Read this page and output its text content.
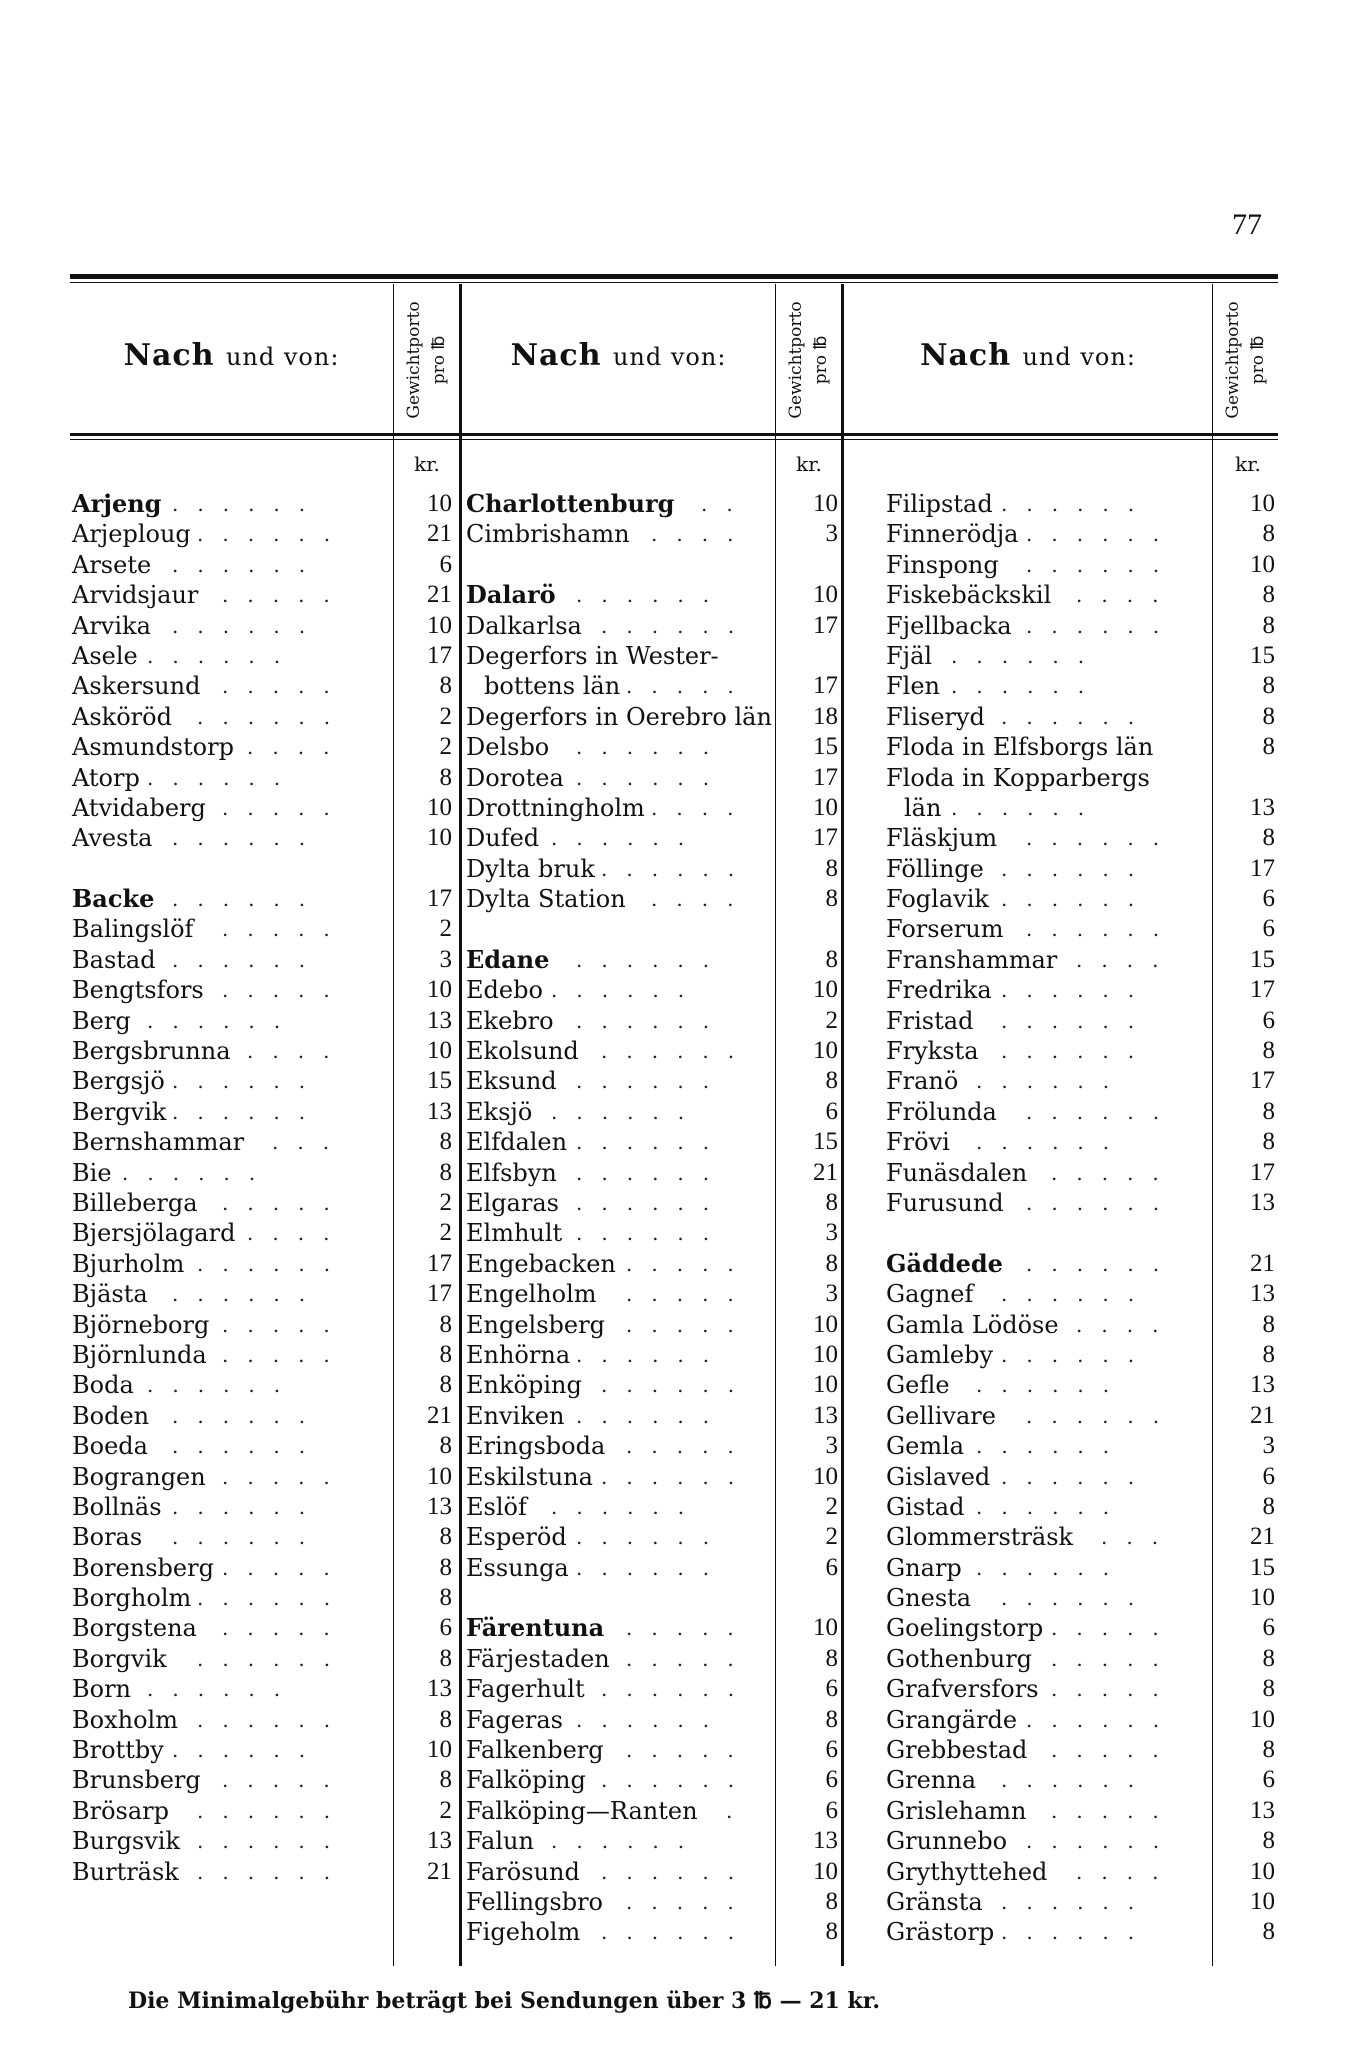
77
Nach und von:	Nach und von:	Nach und von:
Gewichtporto pro ℔	Gewichtporto pro ℔	Gewichtporto pro ℔
kr.	kr.	kr.
Arjeng ......	10
Arjeploug ......	21
Arsete ......	6
Arvidsjaur .....	21
Arvika ......	10
Asele ......	17
Askersund .....	8
Asköröd ......	2
Asmundstorp ....	2
Atorp ......	8
Atvidaberg .....	10
Avesta ......	10
Backe ......	17
Balingslöf .....	2
Bastad ......	3
Bengtsfors .....	10
Berg ......	13
Bergsbrunna ....	10
Bergsjö ......	15
Bergvik ......	13
Bernshammar ...	8
Bie ......	8
Billeberga .....	2
Bjersjölagard ....	2
Bjurholm ......	17
Bjästa ......	17
Björneborg .....	8
Björnlunda .....	8
Boda ......	8
Boden ......	21
Boeda ......	8
Bograngen .....	10
Bollnäs ......	13
Boras ......	8
Borensberg .....	8
Borgholm ......	8
Borgstena .....	6
Borgvik ......	8
Born ......	13
Boxholm ......	8
Brottby ......	10
Brunsberg .....	8
Brösarp ......	2
Burgsvik ......	13
Burträsk ......	21
Charlottenburg ..	10
Cimbrishamn ....	3
Dalarö ......	10
Dalkarlsa ......	17
Degerfors in Wester-
bottens län .....	17
Degerfors in Oerebro län	18
Delsbo ......	15
Dorotea ......	17
Drottningholm ....	10
Dufed ......	17
Dylta bruk ......	8
Dylta Station ....	8
Edane ......	8
Edebo ......	10
Ekebro ......	2
Ekolsund ......	10
Eksund ......	8
Eksjö ......	6
Elfdalen ......	15
Elfsbyn ......	21
Elgaras ......	8
Elmhult ......	3
Engebacken .....	8
Engelholm .....	3
Engelsberg .....	10
Enhörna ......	10
Enköping ......	10
Enviken ......	13
Eringsboda .....	3
Eskilstuna ......	10
Eslöf ......	2
Esperöd ......	2
Essunga ......	6
Färentuna .....	10
Färjestaden .....	8
Fagerhult ......	6
Fageras ......	8
Falkenberg .....	6
Falköping ......	6
Falköping—Ranten .	6
Falun ......	13
Farösund ......	10
Fellingsbro .....	8
Figeholm ......	8
Filipstad ......	10
Finnerödja ......	8
Finspong ......	10
Fiskebäckskil ....	8
Fjellbacka ......	8
Fjäl ......	15
Flen ......	8
Fliseryd ......	8
Floda in Elfsborgs län	8
Floda in Kopparbergs
län ......	13
Fläskjum ......	8
Föllinge ......	17
Foglavik ......	6
Forserum ......	6
Franshammar ....	15
Fredrika ......	17
Fristad ......	6
Fryksta ......	8
Franö ......	17
Frölunda ......	8
Frövi ......	8
Funäsdalen .....	17
Furusund ......	13
Gäddede ......	21
Gagnef ......	13
Gamla Lödöse ....	8
Gamleby ......	8
Gefle ......	13
Gellivare ......	21
Gemla ......	3
Gislaved ......	6
Gistad ......	8
Glommersträsk ...	21
Gnarp ......	15
Gnesta ......	10
Goelingstorp .....	6
Gothenburg .....	8
Grafversfors .....	8
Grangärde ......	10
Grebbestad .....	8
Grenna ......	6
Grislehamn .....	13
Grunnebo ......	8
Grythyttehed ....	10
Gränsta ......	10
Grästorp ......	8
Die Minimalgebühr beträgt bei Sendungen über 3 ℔ — 21 kr.
